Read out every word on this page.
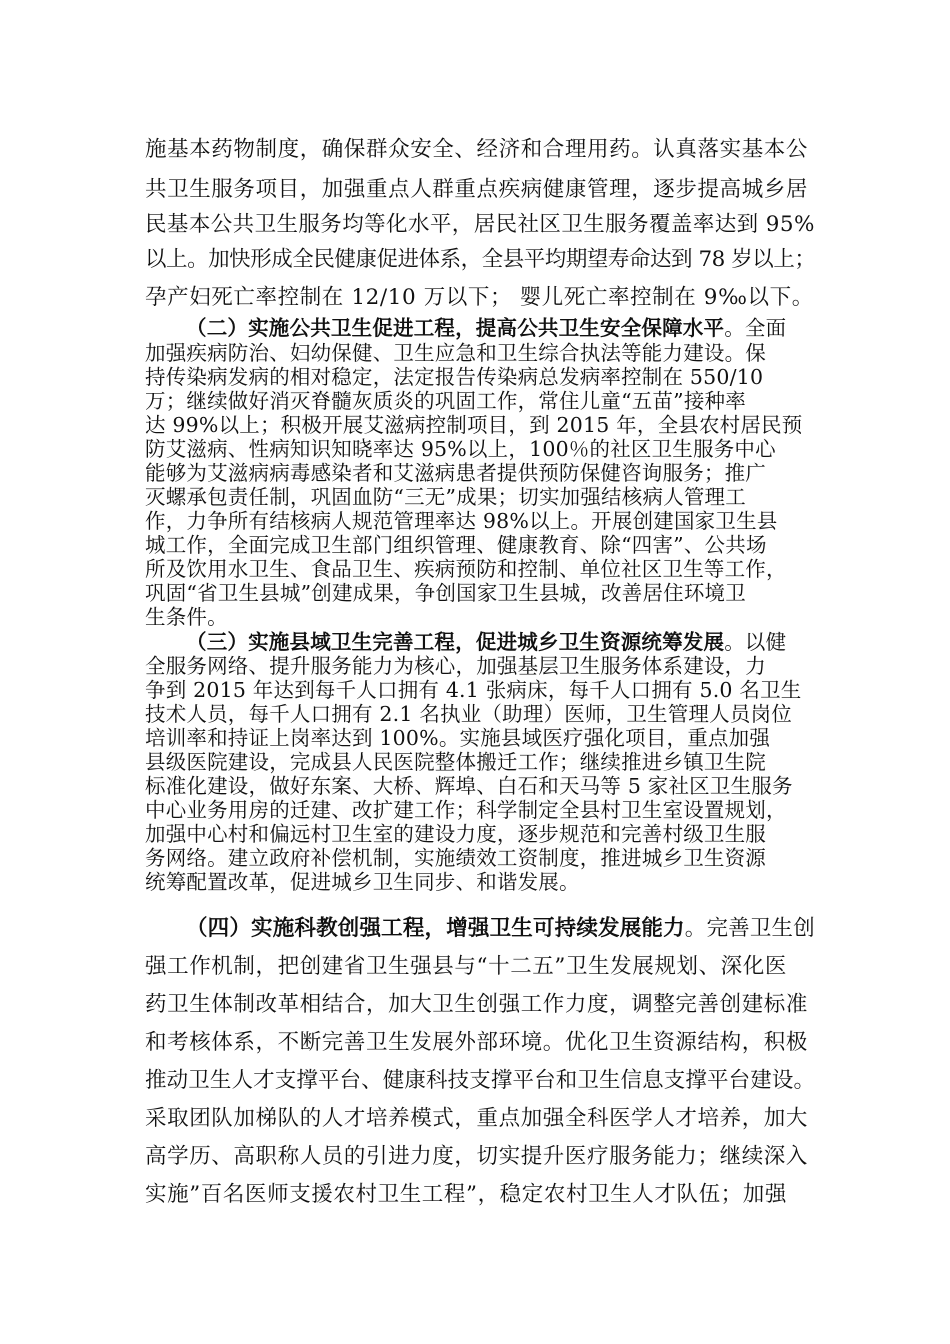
施基本药物制度，确保群众安全、经济和合理用药。认真落实基本公
共卫生服务项目，加强重点人群重点疾病健康管理，逐步提高城乡居
民基本公共卫生服务均等化水平，居民社区卫生服务覆盖率达到 95%
以上。加快形成全民健康促进体系，全县平均期望寿命达到 78 岁以上；
孕产妇死亡率控制在 12/10 万以下； 婴儿死亡率控制在 9‰以下。
（二）实施公共卫生促进工程，提高公共卫生安全保障水平。全面
加强疾病防治、妇幼保健、卫生应急和卫生综合执法等能力建设。保
持传染病发病的相对稳定，法定报告传染病总发病率控制在 550/10
万；继续做好消灭脊髓灰质炎的巩固工作，常住儿童“五苗”接种率
达 99%以上；积极开展艾滋病控制项目，到 2015 年，全县农村居民预
防艾滋病、性病知识知晓率达 95%以上，100％的社区卫生服务中心
能够为艾滋病病毒感染者和艾滋病患者提供预防保健咨询服务；推广
灭螺承包责任制，巩固血防“三无”成果；切实加强结核病人管理工
作，力争所有结核病人规范管理率达 98%以上。开展创建国家卫生县
城工作，全面完成卫生部门组织管理、健康教育、除“四害”、公共场
所及饮用水卫生、食品卫生、疾病预防和控制、单位社区卫生等工作，
巩固“省卫生县城”创建成果，争创国家卫生县城，改善居住环境卫
生条件。
（三）实施县域卫生完善工程，促进城乡卫生资源统筹发展。以健
全服务网络、提升服务能力为核心，加强基层卫生服务体系建设，力
争到 2015 年达到每千人口拥有 4.1 张病床，每千人口拥有 5.0 名卫生
技术人员，每千人口拥有 2.1 名执业（助理）医师，卫生管理人员岗位
培训率和持证上岗率达到 100%。实施县域医疗强化项目，重点加强
县级医院建设，完成县人民医院整体搬迁工作；继续推进乡镇卫生院
标准化建设，做好东案、大桥、辉埠、白石和天马等 5 家社区卫生服务
中心业务用房的迁建、改扩建工作；科学制定全县村卫生室设置规划，
加强中心村和偏远村卫生室的建设力度，逐步规范和完善村级卫生服
务网络。建立政府补偿机制，实施绩效工资制度，推进城乡卫生资源
统筹配置改革，促进城乡卫生同步、和谐发展。
（四）实施科教创强工程，增强卫生可持续发展能力。完善卫生创
强工作机制，把创建省卫生强县与“十二五”卫生发展规划、深化医
药卫生体制改革相结合，加大卫生创强工作力度，调整完善创建标准
和考核体系，不断完善卫生发展外部环境。优化卫生资源结构，积极
推动卫生人才支撑平台、健康科技支撑平台和卫生信息支撑平台建设。
采取团队加梯队的人才培养模式，重点加强全科医学人才培养，加大
高学历、高职称人员的引进力度，切实提升医疗服务能力；继续深入
实施”百名医师支援农村卫生工程”，稳定农村卫生人才队伍；加强
